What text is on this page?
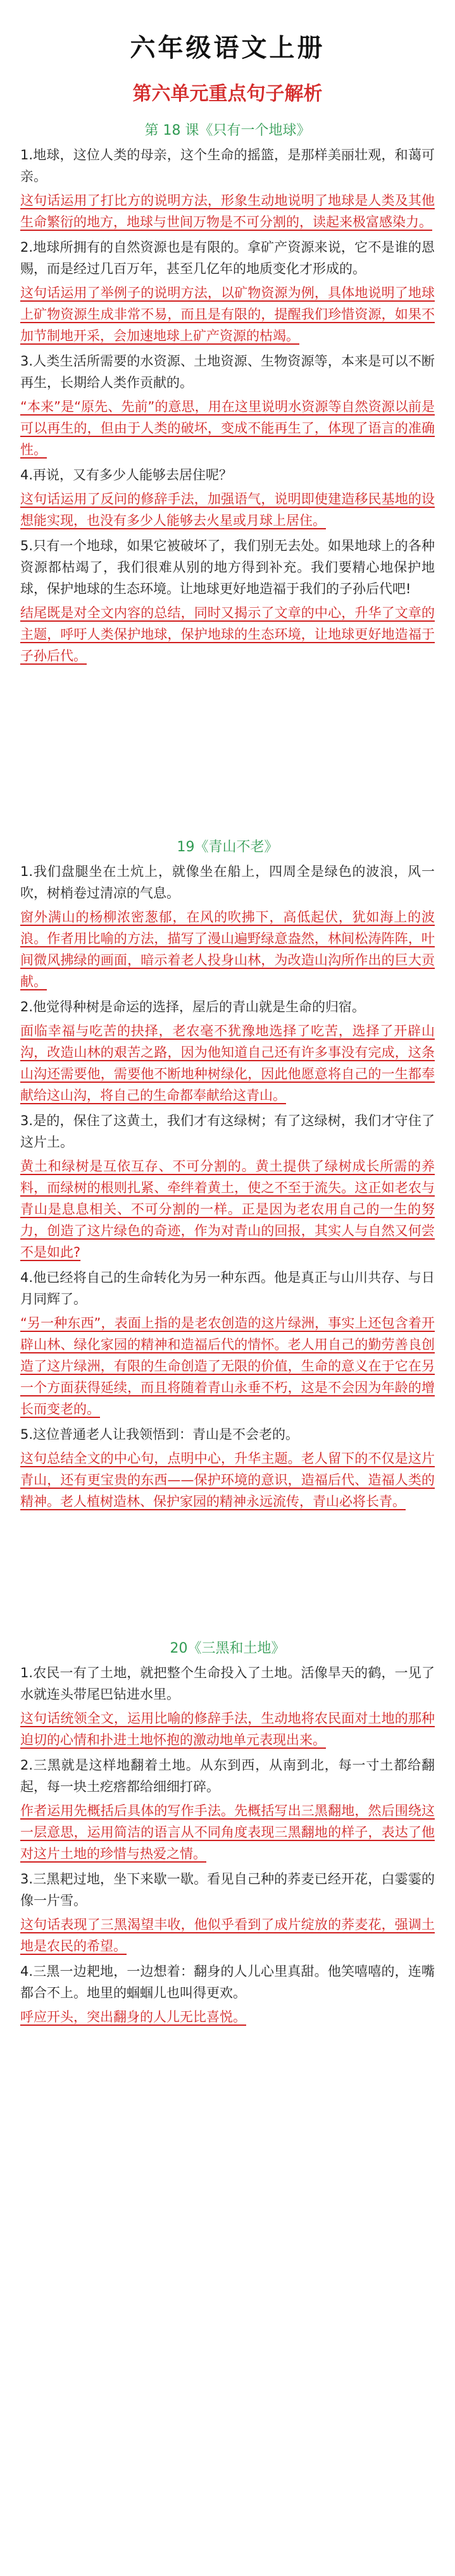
六年级语文上册
第六单元重点句子解析
第 18 课《只有一个地球》
1.地球，这位人类的母亲，这个生命的摇篮，是那样美丽壮观，和蔼可亲。
这句话运用了打比方的说明方法，形象生动地说明了地球是人类及其他生命繁衍的地方，地球与世间万物是不可分割的，读起来极富感染力。
2.地球所拥有的自然资源也是有限的。拿矿产资源来说，它不是谁的恩赐，而是经过几百万年，甚至几亿年的地质变化才形成的。
这句话运用了举例子的说明方法，以矿物资源为例，具体地说明了地球上矿物资源生成非常不易，而且是有限的，提醒我们珍惜资源，如果不加节制地开采，会加速地球上矿产资源的枯竭。
3.人类生活所需要的水资源、土地资源、生物资源等，本来是可以不断再生，长期给人类作贡献的。
“本来”是“原先、先前”的意思，用在这里说明水资源等自然资源以前是可以再生的，但由于人类的破坏，变成不能再生了，体现了语言的准确性。
4.再说，又有多少人能够去居住呢？
这句话运用了反问的修辞手法，加强语气，说明即使建造移民基地的设想能实现，也没有多少人能够去火星或月球上居住。
5.只有一个地球，如果它被破坏了，我们别无去处。如果地球上的各种资源都枯竭了，我们很难从别的地方得到补充。我们要精心地保护地球，保护地球的生态环境。让地球更好地造福于我们的子孙后代吧!
结尾既是对全文内容的总结，同时又揭示了文章的中心，升华了文章的主题，呼吁人类保护地球，保护地球的生态环境，让地球更好地造福于子孙后代。
19《青山不老》
1.我们盘腿坐在土炕上，就像坐在船上，四周全是绿色的波浪，风一吹，树梢卷过清凉的气息。
窗外满山的杨柳浓密葱郁，在风的吹拂下，高低起伏，犹如海上的波浪。作者用比喻的方法，描写了漫山遍野绿意盎然，林间松涛阵阵，叶间微风拂绿的画面，暗示着老人投身山林，为改造山沟所作出的巨大贡献。
2.他觉得种树是命运的选择，屋后的青山就是生命的归宿。
面临幸福与吃苦的抉择，老农毫不犹豫地选择了吃苦，选择了开辟山沟，改造山林的艰苦之路，因为他知道自己还有许多事没有完成，这条山沟还需要他，需要他不断地种树绿化，因此他愿意将自己的一生都奉献给这山沟，将自己的生命都奉献给这青山。
3.是的，保住了这黄土，我们才有这绿树；有了这绿树，我们才守住了这片土。
黄土和绿树是互依互存、不可分割的。黄土提供了绿树成长所需的养料，而绿树的根则扎紧、牵绊着黄土，使之不至于流失。这正如老农与青山是息息相关、不可分割的一样。正是因为老农用自己的一生的努力，创造了这片绿色的奇迹，作为对青山的回报，其实人与自然又何尝不是如此?
4.他已经将自己的生命转化为另一种东西。他是真正与山川共存、与日月同辉了。
“另一种东西”，表面上指的是老农创造的这片绿洲，事实上还包含着开辟山林、绿化家园的精神和造福后代的情怀。老人用自己的勤劳善良创造了这片绿洲，有限的生命创造了无限的价值，生命的意义在于它在另一个方面获得延续，而且将随着青山永垂不朽，这是不会因为年龄的增长而变老的。
5.这位普通老人让我领悟到：青山是不会老的。
这句总结全文的中心句，点明中心，升华主题。老人留下的不仅是这片青山，还有更宝贵的东西——保护环境的意识，造福后代、造福人类的精神。老人植树造林、保护家园的精神永远流传，青山必将长青。
20《三黑和土地》
1.农民一有了土地，就把整个生命投入了土地。活像旱天的鹤，一见了水就连头带尾巴钻进水里。
这句话统领全文，运用比喻的修辞手法，生动地将农民面对土地的那种迫切的心情和扑进土地怀抱的激动地单元表现出来。
2.三黑就是这样地翻着土地。从东到西，从南到北，每一寸土都给翻起，每一块土疙瘩都给细细打碎。
作者运用先概括后具体的写作手法。先概括写出三黑翻地，然后围绕这一层意思，运用简洁的语言从不同角度表现三黑翻地的样子，表达了他对这片土地的珍惜与热爱之情。
3.三黑耙过地，坐下来歇一歇。看见自己种的荞麦已经开花，白霎霎的像一片雪。
这句话表现了三黑渴望丰收，他似乎看到了成片绽放的荞麦花，强调土地是农民的希望。
4.三黑一边耙地，一边想着：翻身的人儿心里真甜。他笑嘻嘻的，连嘴都合不上。地里的蝈蝈儿也叫得更欢。
呼应开头，突出翻身的人儿无比喜悦。
